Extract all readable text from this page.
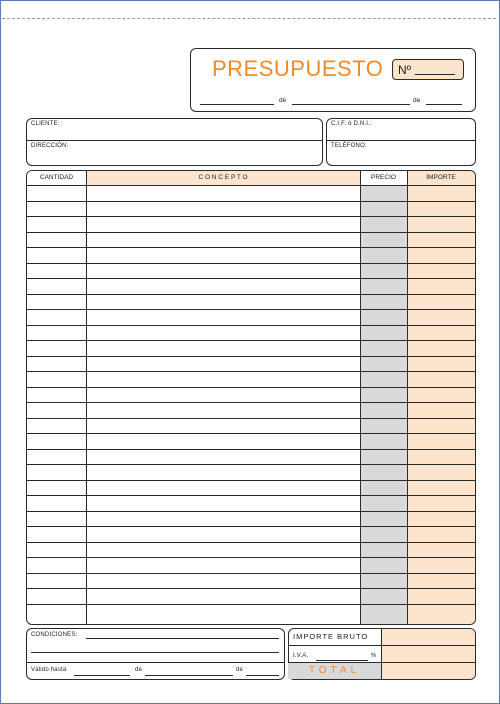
PRESUPUESTO Nº
de	de
CLIENTE:
DIRECCIÓN:
C.I.F. ó D.N.I.:
TELÉFONO:
CANTIDAD	C O N C E P T O	PRECIO	IMPORTE
CONDICIONES:
Válido hasta	de	de
IMPORTE BRUTO
I.V.A.	%
TOTAL
